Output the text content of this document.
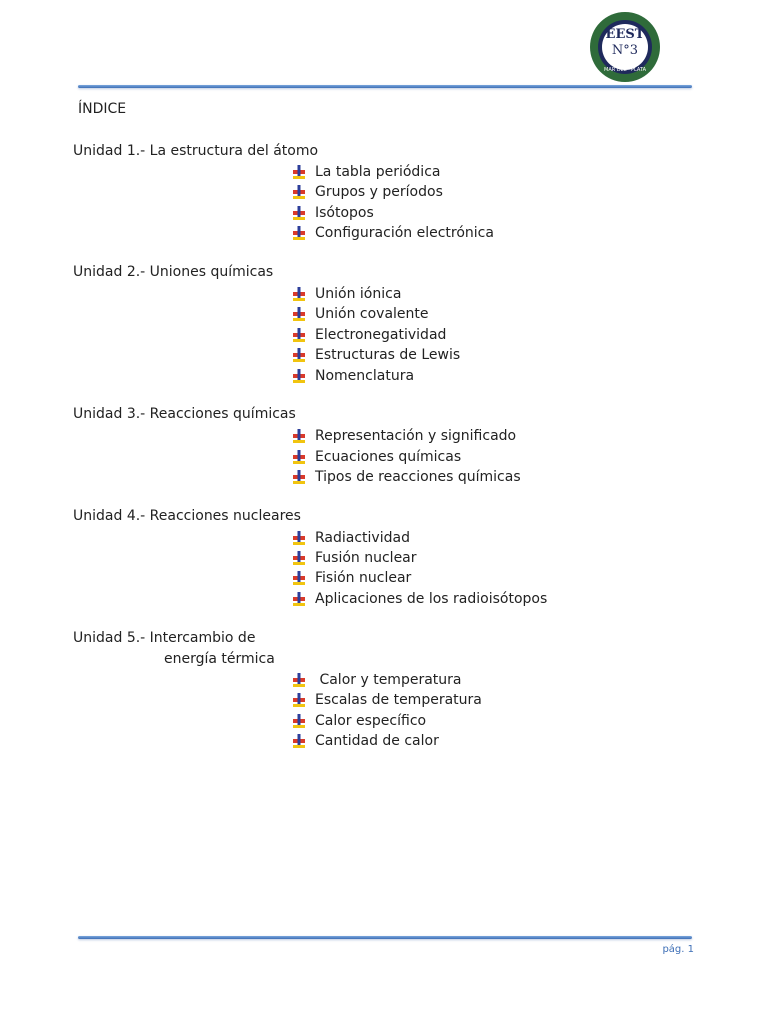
EEST
N°3
MAR DEL PLATA
ÍNDICE
Unidad 1.- La estructura del átomo
La tabla periódica
Grupos y períodos
Isótopos
Configuración electrónica
Unidad 2.- Uniones químicas
Unión iónica
Unión covalente
Electronegatividad
Estructuras de Lewis
Nomenclatura
Unidad 3.- Reacciones químicas
Representación y significado
Ecuaciones químicas
Tipos de reacciones químicas
Unidad 4.- Reacciones nucleares
Radiactividad
Fusión nuclear
Fisión nuclear
Aplicaciones de los radioisótopos
Unidad 5.- Intercambio de
energía térmica
Calor y temperatura
Escalas de temperatura
Calor específico
Cantidad de calor
pág. 1
